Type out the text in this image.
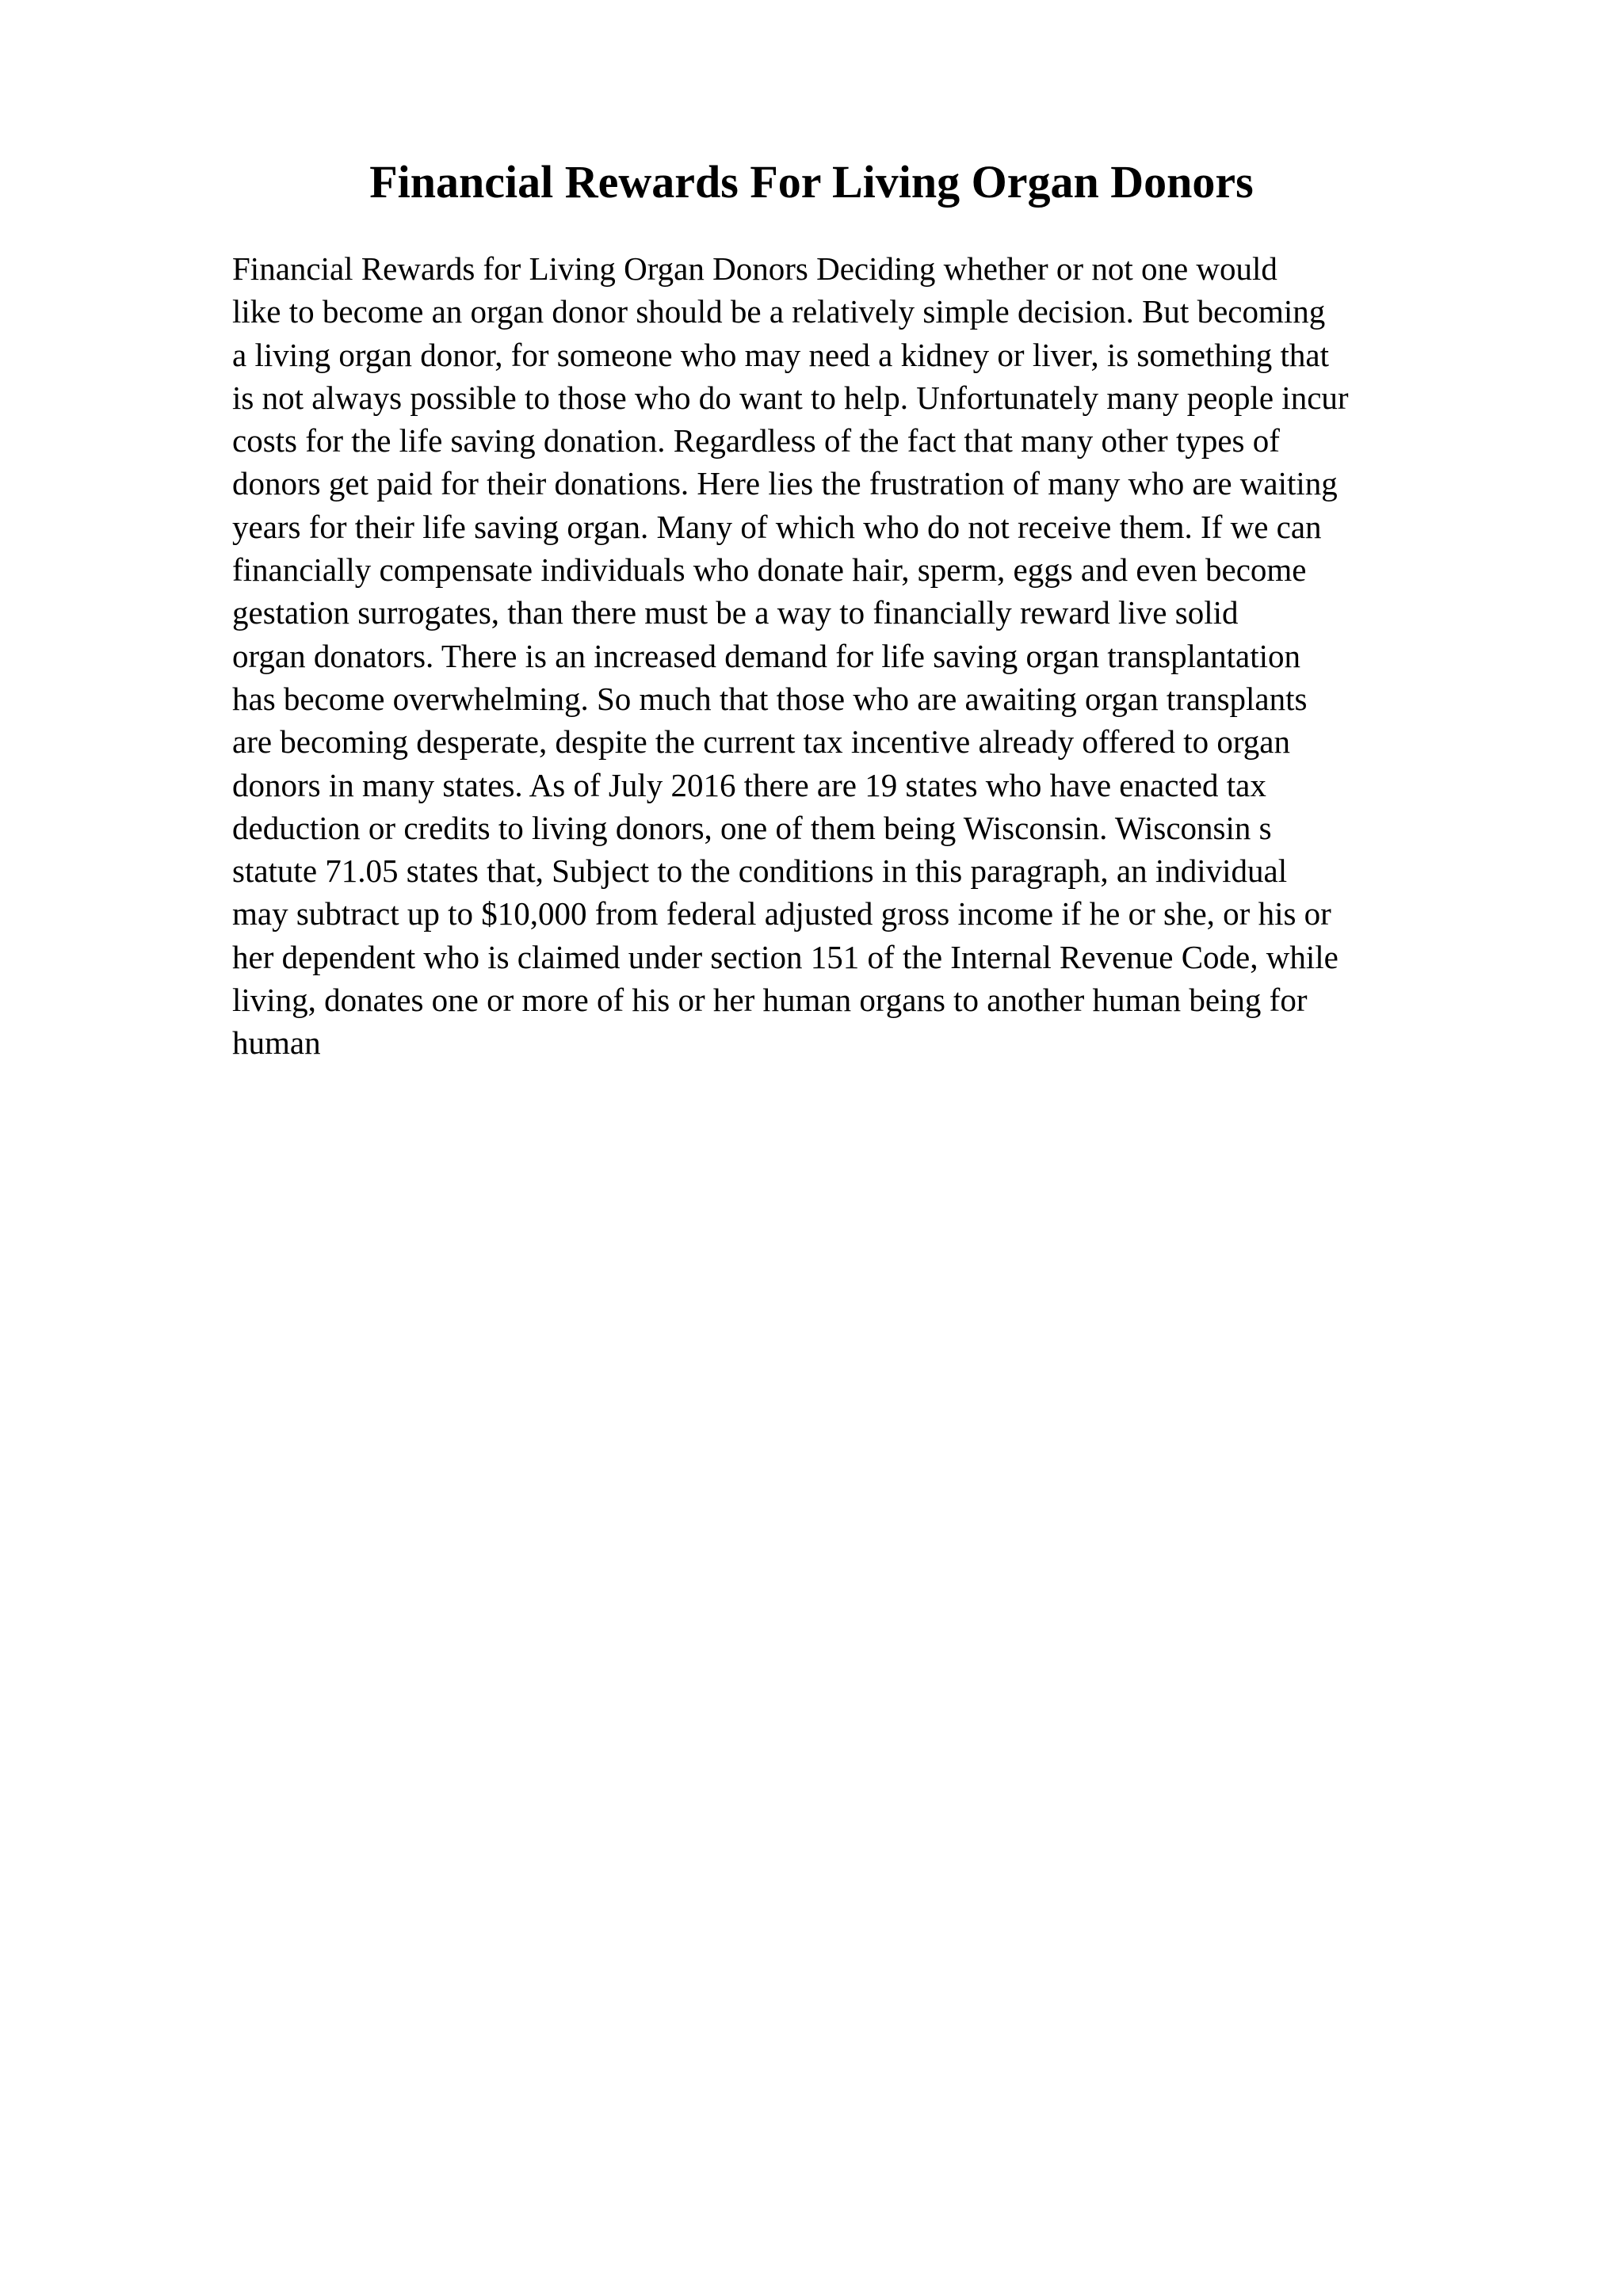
Financial Rewards For Living Organ Donors
Financial Rewards for Living Organ Donors Deciding whether or not one would
like to become an organ donor should be a relatively simple decision. But becoming
a living organ donor, for someone who may need a kidney or liver, is something that
is not always possible to those who do want to help. Unfortunately many people incur
costs for the life saving donation. Regardless of the fact that many other types of
donors get paid for their donations. Here lies the frustration of many who are waiting
years for their life saving organ. Many of which who do not receive them. If we can
financially compensate individuals who donate hair, sperm, eggs and even become
gestation surrogates, than there must be a way to financially reward live solid
organ donators. There is an increased demand for life saving organ transplantation
has become overwhelming. So much that those who are awaiting organ transplants
are becoming desperate, despite the current tax incentive already offered to organ
donors in many states. As of July 2016 there are 19 states who have enacted tax
deduction or credits to living donors, one of them being Wisconsin. Wisconsin s
statute 71.05 states that, Subject to the conditions in this paragraph, an individual
may subtract up to $10,000 from federal adjusted gross income if he or she, or his or
her dependent who is claimed under section 151 of the Internal Revenue Code, while
living, donates one or more of his or her human organs to another human being for
human
